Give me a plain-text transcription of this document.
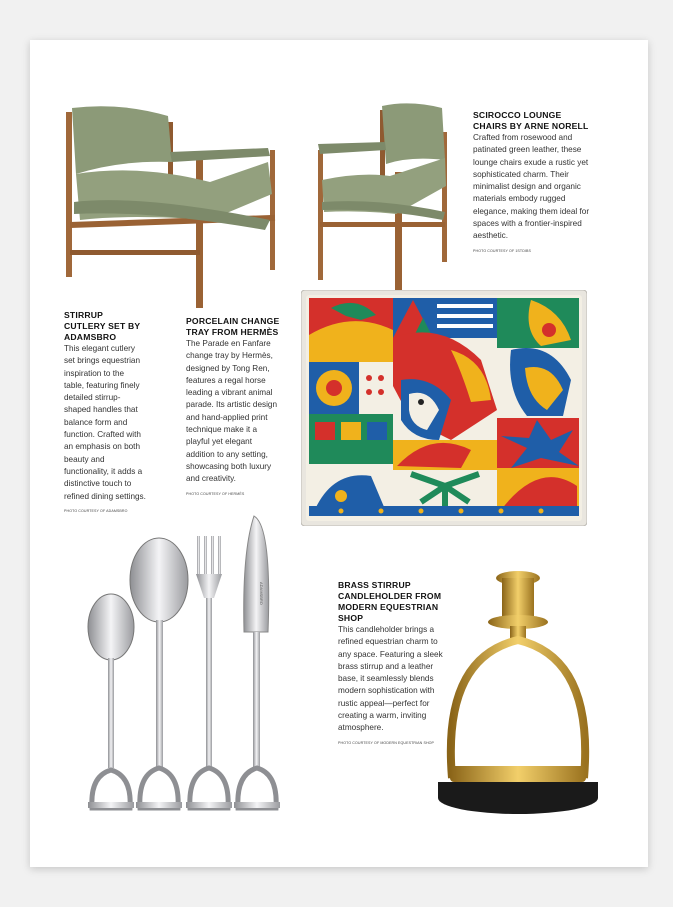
SCIROCCO LOUNGE CHAIRS BY ARNE NORELL
Crafted from rosewood and patinated green leather, these lounge chairs exude a rustic yet sophisticated charm. Their minimalist design and organic materials embody rugged elegance, making them ideal for spaces with a frontier-inspired aesthetic.
PHOTO COURTESY OF 1STDIBS
STIRRUP CUTLERY SET BY ADAMSBRO
This elegant cutlery set brings equestrian inspiration to the table, featuring finely detailed stirrup-shaped handles that balance form and function. Crafted with an emphasis on both beauty and functionality, it adds a distinctive touch to refined dining settings.
PHOTO COURTESY OF ADAMSBRO
PORCELAIN CHANGE TRAY FROM HERMÈS
The Parade en Fanfare change tray by Hermès, designed by Tong Ren, features a regal horse leading a vibrant animal parade. Its artistic design and hand-applied print technique make it a playful yet elegant addition to any setting, showcasing both luxury and creativity.
PHOTO COURTESY OF HERMÈS
ADAMSBRO	BRASS STIRRUP CANDLEHOLDER FROM MODERN EQUESTRIAN SHOP
This candleholder brings a refined equestrian charm to any space. Featuring a sleek brass stirrup and a leather base, it seamlessly blends modern sophistication with rustic appeal—perfect for creating a warm, inviting atmosphere.
PHOTO COURTESY OF MODERN EQUESTRIAN SHOP
